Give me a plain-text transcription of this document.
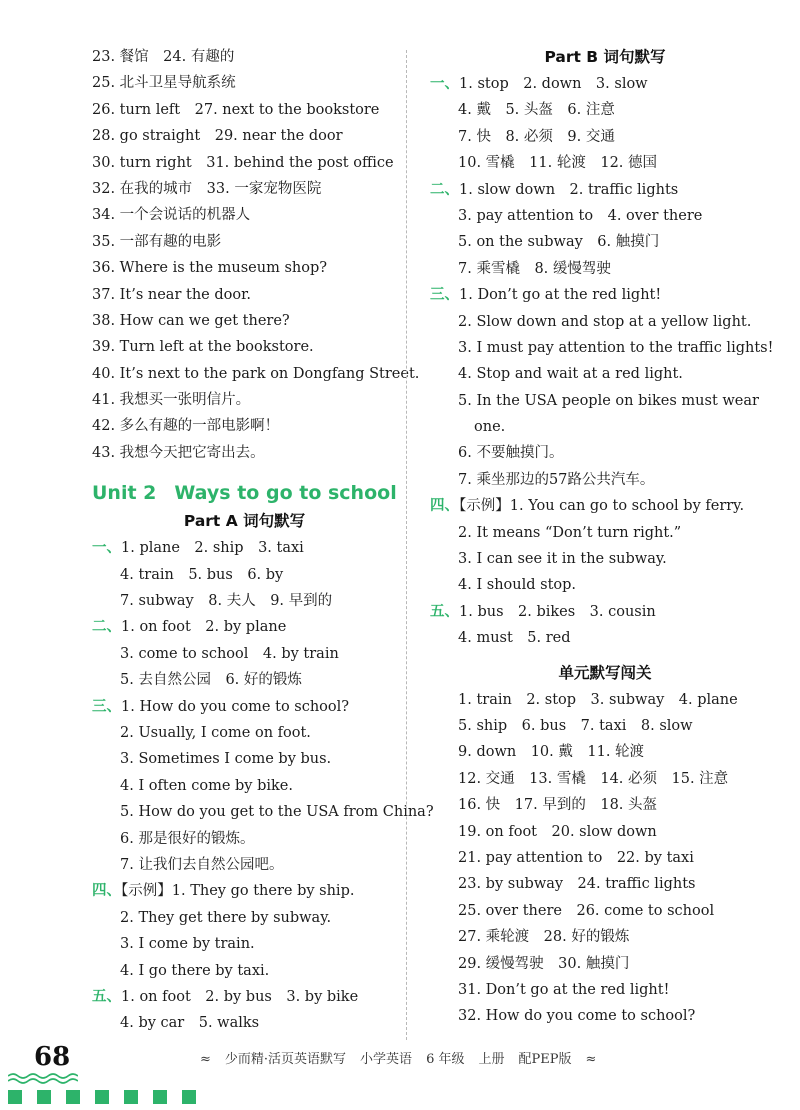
23. 餐馆　24. 有趣的
25. 北斗卫星导航系统
26. turn left　27. next to the bookstore
28. go straight　29. near the door
30. turn right　31. behind the post office
32. 在我的城市　33. 一家宠物医院
34. 一个会说话的机器人
35. 一部有趣的电影
36. Where is the museum shop?
37. It’s near the door.
38. How can we get there?
39. Turn left at the bookstore.
40. It’s next to the park on Dongfang Street.
41. 我想买一张明信片。
42. 多么有趣的一部电影啊！
43. 我想今天把它寄出去。
Unit 2 Ways to go to school
Part A 词句默写
一、1. plane　2. ship　3. taxi
4. train　5. bus　6. by
7. subway　8. 夫人　9. 早到的
二、1. on foot　2. by plane
3. come to school　4. by train
5. 去自然公园　6. 好的锻炼
三、1. How do you come to school?
2. Usually, I come on foot.
3. Sometimes I come by bus.
4. I often come by bike.
5. How do you get to the USA from China?
6. 那是很好的锻炼。
7. 让我们去自然公园吧。
四、【示例】1. They go there by ship.
2. They get there by subway.
3. I come by train.
4. I go there by taxi.
五、1. on foot　2. by bus　3. by bike
4. by car　5. walks
Part B 词句默写
一、1. stop　2. down　3. slow
4. 戴　5. 头盔　6. 注意
7. 快　8. 必须　9. 交通
10. 雪橇　11. 轮渡　12. 德国
二、1. slow down　2. traffic lights
3. pay attention to　4. over there
5. on the subway　6. 触摸门
7. 乘雪橇　8. 缓慢驾驶
三、1. Don’t go at the red light!
2. Slow down and stop at a yellow light.
3. I must pay attention to the traffic lights!
4. Stop and wait at a red light.
5. In the USA people on bikes must wear
one.
6. 不要触摸门。
7. 乘坐那边的57路公共汽车。
四、【示例】1. You can go to school by ferry.
2. It means “Don’t turn right.”
3. I can see it in the subway.
4. I should stop.
五、1. bus　2. bikes　3. cousin
4. must　5. red
单元默写闯关
1. train　2. stop　3. subway　4. plane
5. ship　6. bus　7. taxi　8. slow
9. down　10. 戴　11. 轮渡
12. 交通　13. 雪橇　14. 必须　15. 注意
16. 快　17. 早到的　18. 头盔
19. on foot　20. slow down
21. pay attention to　22. by taxi
23. by subway　24. traffic lights
25. over there　26. come to school
27. 乘轮渡　28. 好的锻炼
29. 缓慢驾驶　30. 触摸门
31. Don’t go at the red light!
32. How do you come to school?
68	≈ 少而精·活页英语默写 小学英语 6 年级 上册 配PEP版 ≈
